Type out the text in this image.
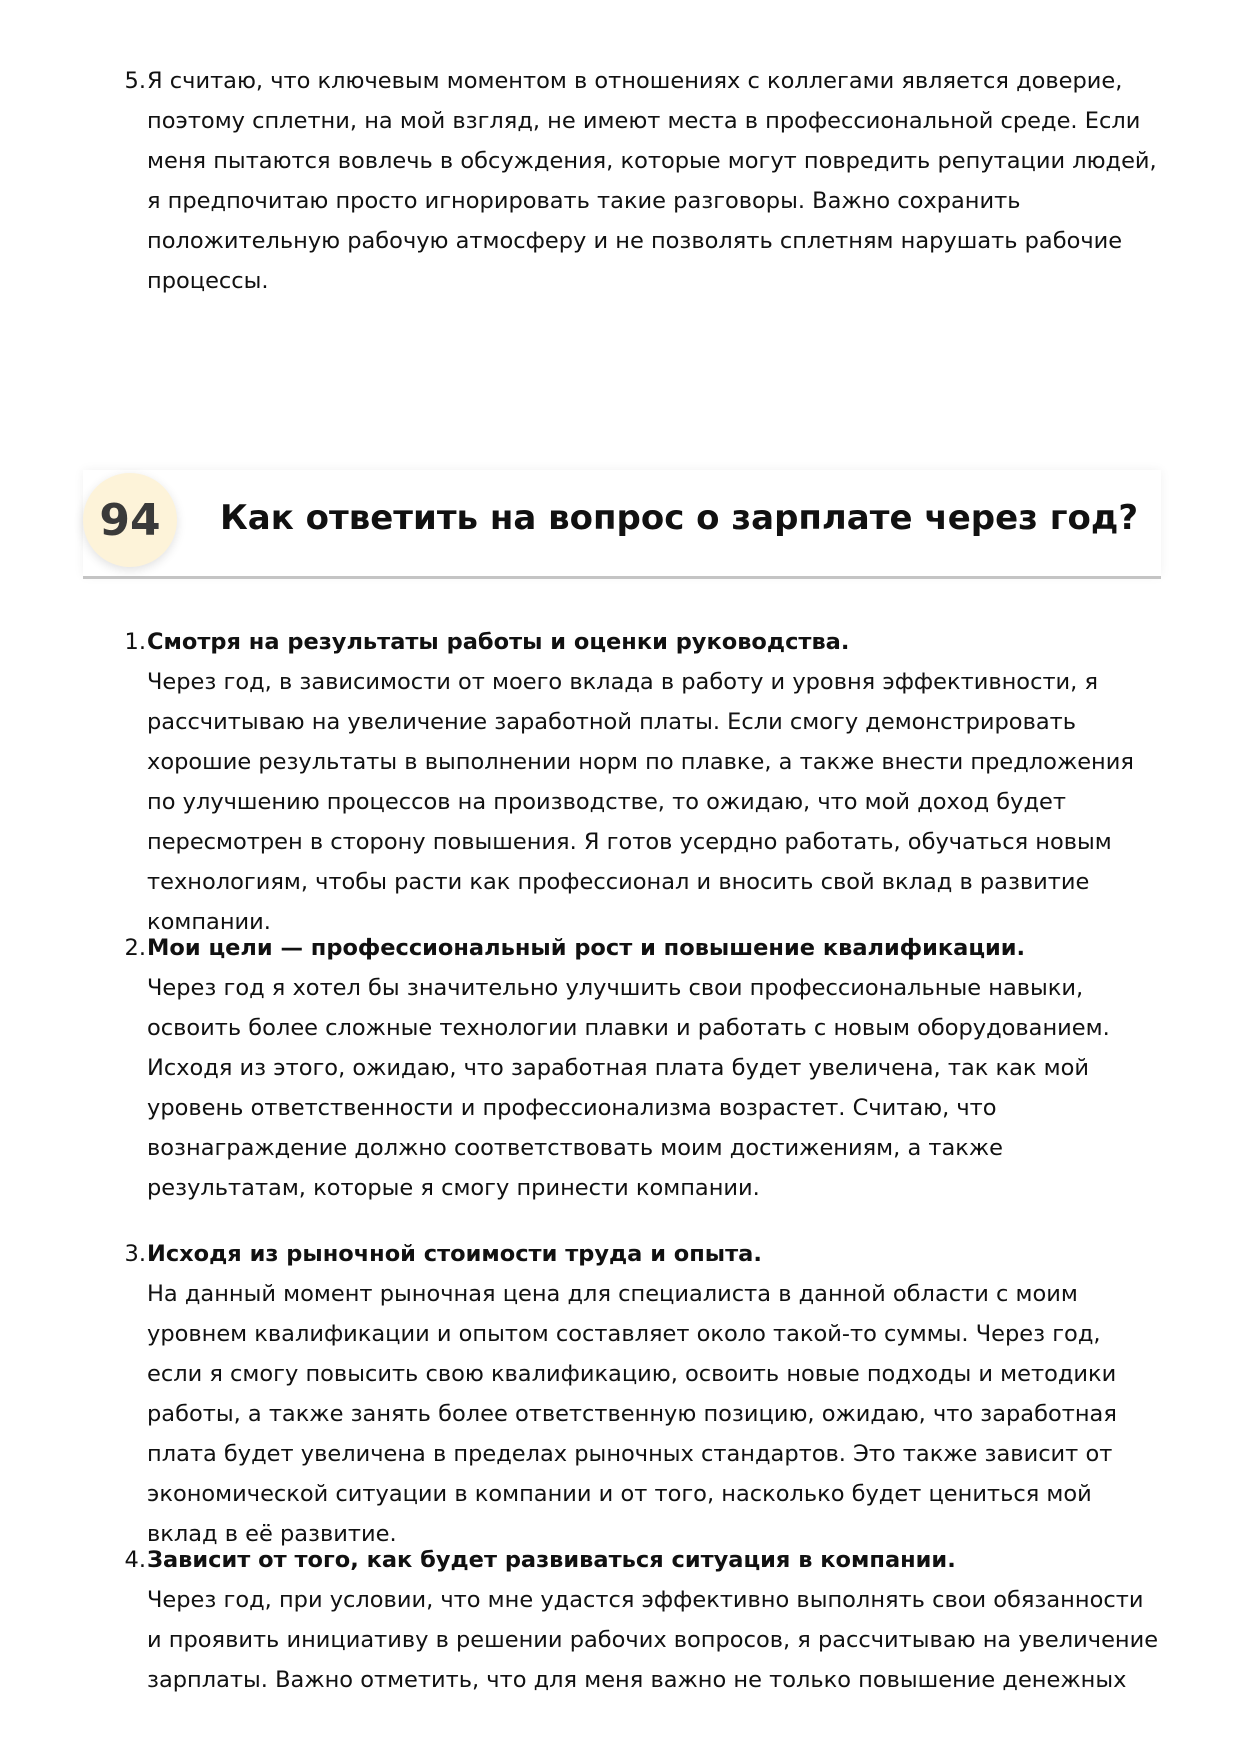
5. Я считаю, что ключевым моментом в отношениях с коллегами является доверие, поэтому сплетни, на мой взгляд, не имеют места в профессиональной среде. Если меня пытаются вовлечь в обсуждения, которые могут повредить репутации людей, я предпочитаю просто игнорировать такие разговоры. Важно сохранить положительную рабочую атмосферу и не позволять сплетням нарушать рабочие процессы.
94	Как ответить на вопрос о зарплате через год?
1. Смотря на результаты работы и оценки руководства.
Через год, в зависимости от моего вклада в работу и уровня эффективности, я рассчитываю на увеличение заработной платы. Если смогу демонстрировать хорошие результаты в выполнении норм по плавке, а также внести предложения по улучшению процессов на производстве, то ожидаю, что мой доход будет пересмотрен в сторону повышения. Я готов усердно работать, обучаться новым технологиям, чтобы расти как профессионал и вносить свой вклад в развитие компании.
2. Мои цели — профессиональный рост и повышение квалификации.
Через год я хотел бы значительно улучшить свои профессиональные навыки, освоить более сложные технологии плавки и работать с новым оборудованием. Исходя из этого, ожидаю, что заработная плата будет увеличена, так как мой уровень ответственности и профессионализма возрастет. Считаю, что вознаграждение должно соответствовать моим достижениям, а также результатам, которые я смогу принести компании.
3. Исходя из рыночной стоимости труда и опыта.
На данный момент рыночная цена для специалиста в данной области с моим уровнем квалификации и опытом составляет около такой-то суммы. Через год, если я смогу повысить свою квалификацию, освоить новые подходы и методики работы, а также занять более ответственную позицию, ожидаю, что заработная плата будет увеличена в пределах рыночных стандартов. Это также зависит от экономической ситуации в компании и от того, насколько будет цениться мой вклад в её развитие.
4. Зависит от того, как будет развиваться ситуация в компании.
Через год, при условии, что мне удастся эффективно выполнять свои обязанности и проявить инициативу в решении рабочих вопросов, я рассчитываю на увеличение зарплаты. Важно отметить, что для меня важно не только повышение денежных
